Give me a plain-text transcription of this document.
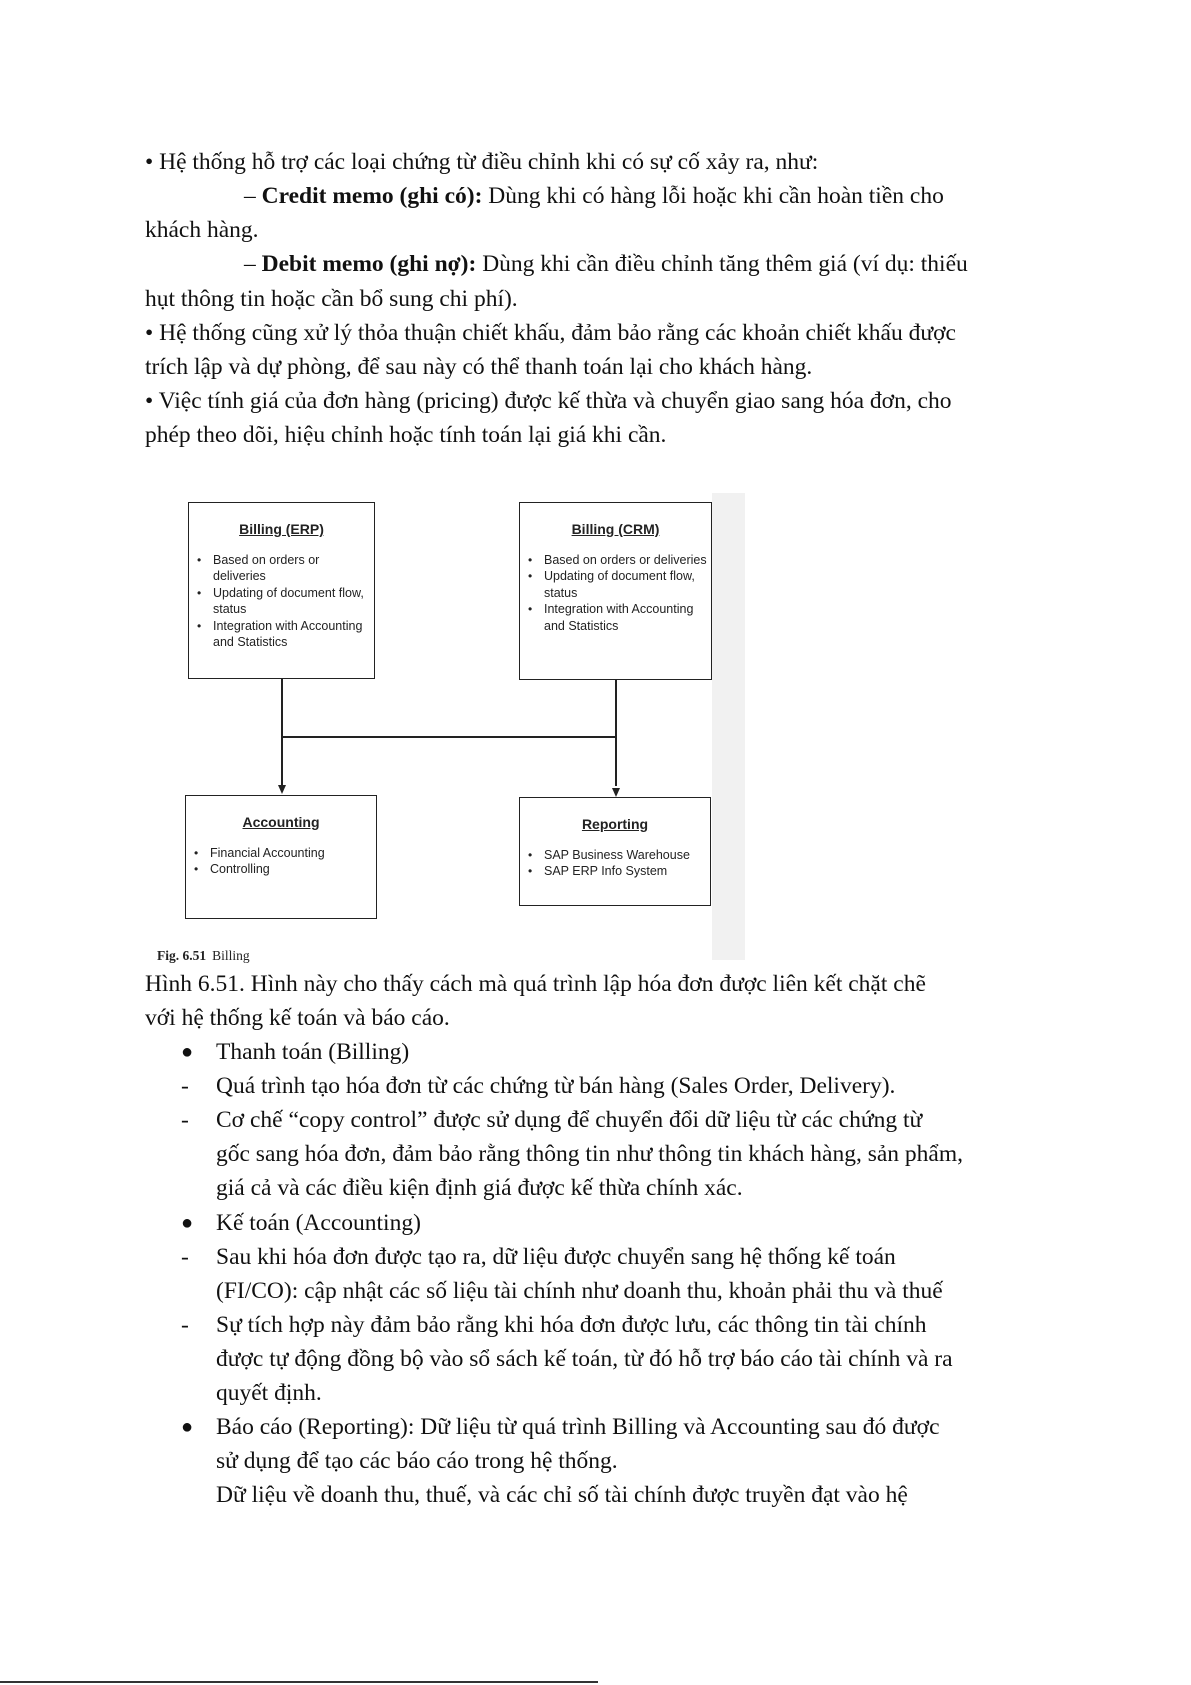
• Hệ thống hỗ trợ các loại chứng từ điều chỉnh khi có sự cố xảy ra, như:

– Credit memo (ghi có): Dùng khi có hàng lỗi hoặc khi cần hoàn tiền cho

khách hàng.

– Debit memo (ghi nợ): Dùng khi cần điều chỉnh tăng thêm giá (ví dụ: thiếu

hụt thông tin hoặc cần bổ sung chi phí).

• Hệ thống cũng xử lý thỏa thuận chiết khấu, đảm bảo rằng các khoản chiết khấu được

trích lập và dự phòng, để sau này có thể thanh toán lại cho khách hàng.

• Việc tính giá của đơn hàng (pricing) được kế thừa và chuyển giao sang hóa đơn, cho

phép theo dõi, hiệu chỉnh hoặc tính toán lại giá khi cần.

Billing (ERP)
• Based on orders or deliveries
• Updating of document flow, status
• Integration with Accounting and Statistics
Billing (CRM)
• Based on orders or deliveries
• Updating of document flow, status
• Integration with Accounting and Statistics
Accounting
• Financial Accounting
• Controlling
Reporting
• SAP Business Warehouse
• SAP ERP Info System
Fig. 6.51 Billing

Hình 6.51. Hình này cho thấy cách mà quá trình lập hóa đơn được liên kết chặt chẽ

với hệ thống kế toán và báo cáo.

● Thanh toán (Billing)

- Quá trình tạo hóa đơn từ các chứng từ bán hàng (Sales Order, Delivery).

- Cơ chế “copy control” được sử dụng để chuyển đổi dữ liệu từ các chứng từ

gốc sang hóa đơn, đảm bảo rằng thông tin như thông tin khách hàng, sản phẩm,

giá cả và các điều kiện định giá được kế thừa chính xác.

● Kế toán (Accounting)

- Sau khi hóa đơn được tạo ra, dữ liệu được chuyển sang hệ thống kế toán

(FI/CO): cập nhật các số liệu tài chính như doanh thu, khoản phải thu và thuế

- Sự tích hợp này đảm bảo rằng khi hóa đơn được lưu, các thông tin tài chính

được tự động đồng bộ vào sổ sách kế toán, từ đó hỗ trợ báo cáo tài chính và ra

quyết định.

● Báo cáo (Reporting): Dữ liệu từ quá trình Billing và Accounting sau đó được

sử dụng để tạo các báo cáo trong hệ thống.

Dữ liệu về doanh thu, thuế, và các chỉ số tài chính được truyền đạt vào hệ
